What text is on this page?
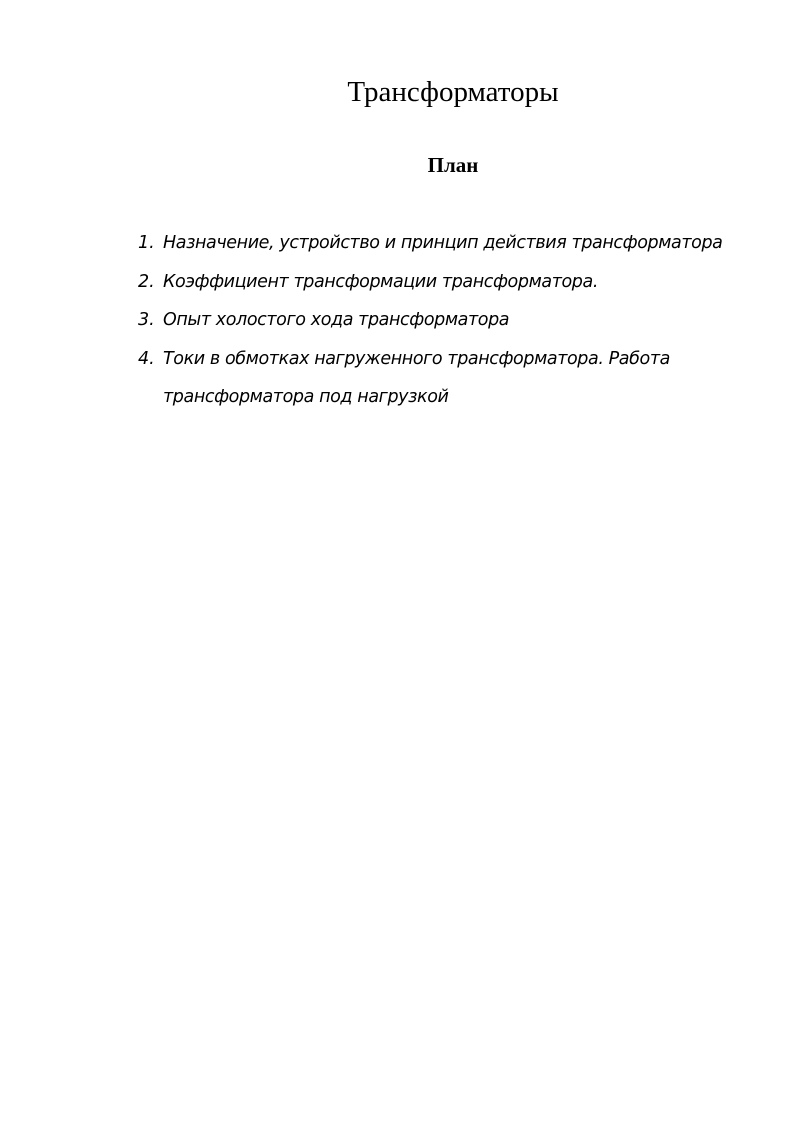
Трансформаторы
План
1. Назначение, устройство и принцип действия трансформатора
2. Коэффициент трансформации трансформатора.
3. Опыт холостого хода трансформатора
4. Токи в обмотках нагруженного трансформатора. Работа трансформатора под нагрузкой
